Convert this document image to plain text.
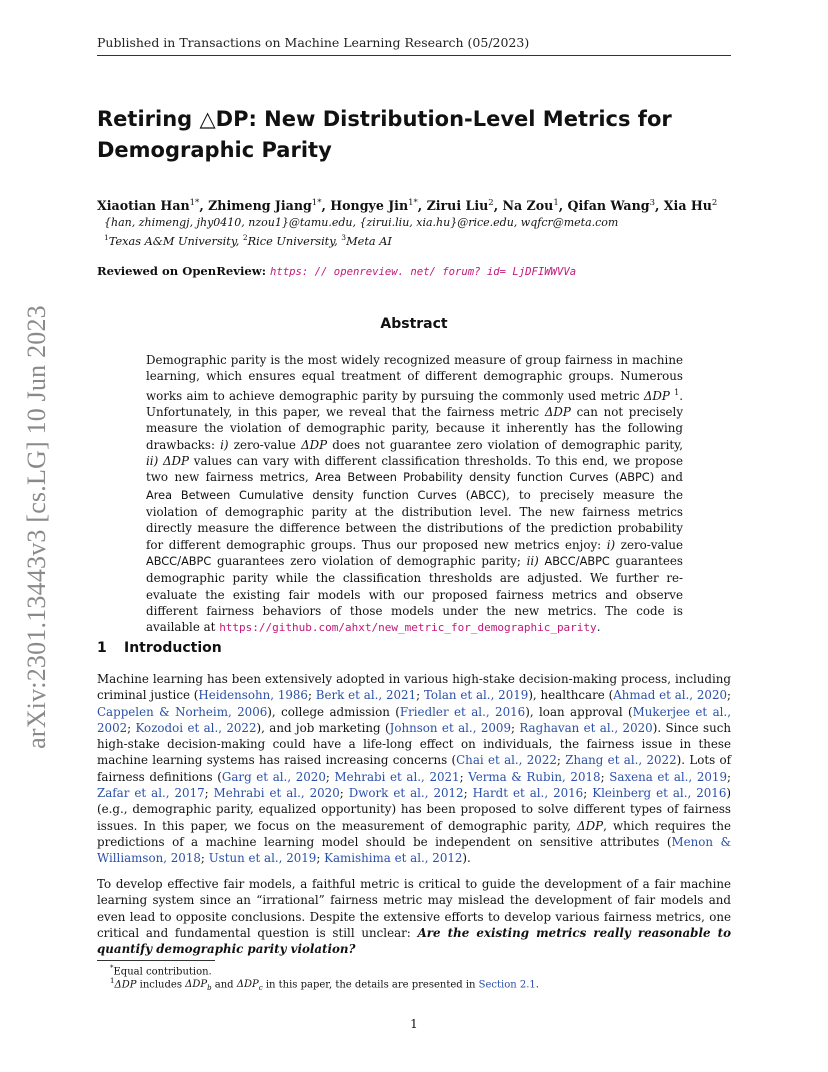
Published in Transactions on Machine Learning Research (05/2023)
arXiv:2301.13443v3 [cs.LG] 10 Jun 2023
Retiring △DP: New Distribution-Level Metrics for Demographic Parity
Xiaotian Han$^{1*}$, Zhimeng Jiang$^{1*}$, Hongye Jin$^{1*}$, Zirui Liu$^2$, Na Zou$^1$, Qifan Wang$^3$, Xia Hu$^2$
{han, zhimengj, jhy0410, nzou1}@tamu.edu, {zirui.liu, xia.hu}@rice.edu, wqfcr@meta.com
$^1$Texas A&M University, $^2$Rice University, $^3$Meta AI
Reviewed on OpenReview: https: // openreview. net/ forum? id= LjDFIWWVVa
Abstract
Demographic parity is the most widely recognized measure of group fairness in machine learning, which ensures equal treatment of different demographic groups. Numerous works aim to achieve demographic parity by pursuing the commonly used metric ΔDP $^1$. Unfortunately, in this paper, we reveal that the fairness metric ΔDP can not precisely measure the violation of demographic parity, because it inherently has the following drawbacks: i) zero-value ΔDP does not guarantee zero violation of demographic parity, ii) ΔDP values can vary with different classification thresholds. To this end, we propose two new fairness metrics, Area Between Probability density function Curves (ABPC) and Area Between Cumulative density function Curves (ABCC), to precisely measure the violation of demographic parity at the distribution level. The new fairness metrics directly measure the difference between the distributions of the prediction probability for different demographic groups. Thus our proposed new metrics enjoy: i) zero-value ABCC/ABPC guarantees zero violation of demographic parity; ii) ABCC/ABPC guarantees demographic parity while the classification thresholds are adjusted. We further re-evaluate the existing fair models with our proposed fairness metrics and observe different fairness behaviors of those models under the new metrics. The code is available at https://github.com/ahxt/new_metric_for_demographic_parity.
1 Introduction
Machine learning has been extensively adopted in various high-stake decision-making process, including criminal justice (Heidensohn, 1986; Berk et al., 2021; Tolan et al., 2019), healthcare (Ahmad et al., 2020; Cappelen & Norheim, 2006), college admission (Friedler et al., 2016), loan approval (Mukerjee et al., 2002; Kozodoi et al., 2022), and job marketing (Johnson et al., 2009; Raghavan et al., 2020). Since such high-stake decision-making could have a life-long effect on individuals, the fairness issue in these machine learning systems has raised increasing concerns (Chai et al., 2022; Zhang et al., 2022). Lots of fairness definitions (Garg et al., 2020; Mehrabi et al., 2021; Verma & Rubin, 2018; Saxena et al., 2019; Zafar et al., 2017; Mehrabi et al., 2020; Dwork et al., 2012; Hardt et al., 2016; Kleinberg et al., 2016) (e.g., demographic parity, equalized opportunity) has been proposed to solve different types of fairness issues. In this paper, we focus on the measurement of demographic parity, ΔDP, which requires the predictions of a machine learning model should be independent on sensitive attributes (Menon & Williamson, 2018; Ustun et al., 2019; Kamishima et al., 2012).
To develop effective fair models, a faithful metric is critical to guide the development of a fair machine learning system since an “irrational” fairness metric may mislead the development of fair models and even lead to opposite conclusions. Despite the extensive efforts to develop various fairness metrics, one critical and fundamental question is still unclear: Are the existing metrics really reasonable to quantify demographic parity violation?
*Equal contribution.
$^1$ΔDP includes $\Delta DP_b$ and $\Delta DP_c$ in this paper, the details are presented in Section 2.1.
1
